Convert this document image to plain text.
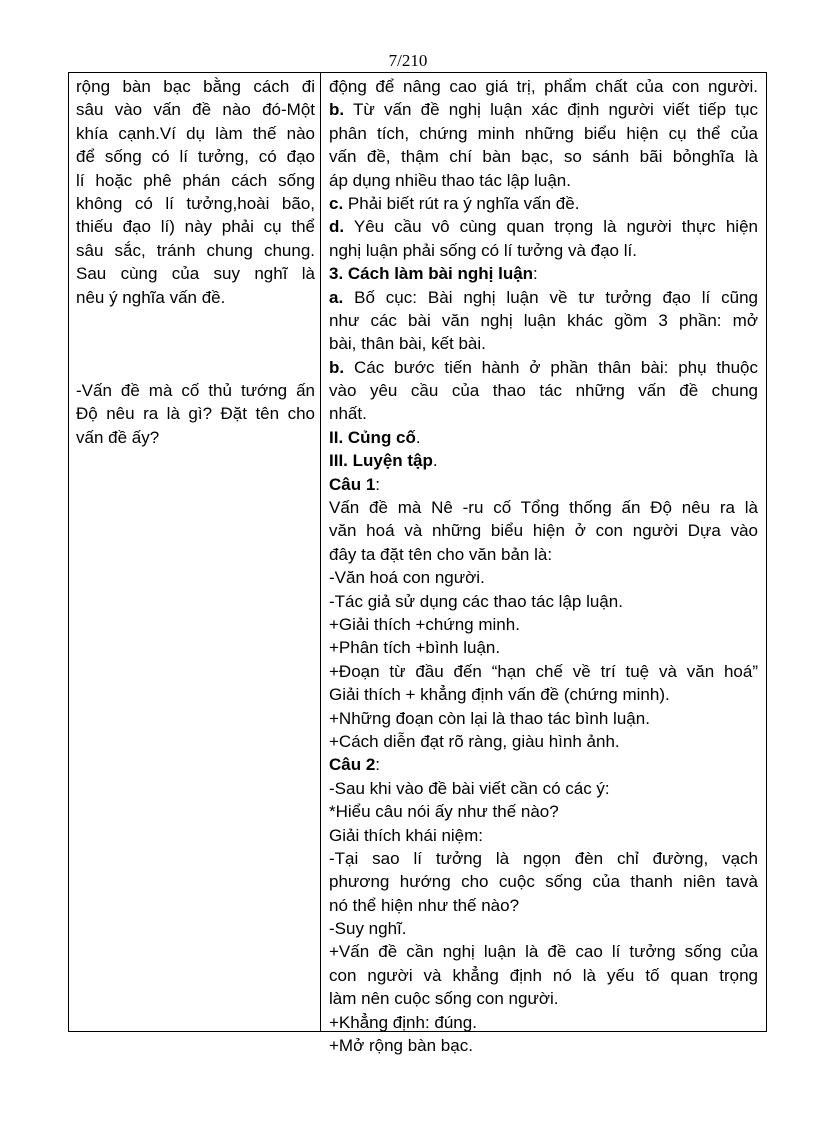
7/210
rộng bàn bạc bằng cách đi
sâu vào vấn đề nào đó-Một
khía cạnh.Ví dụ làm thế nào
để sống có lí tưởng, có đạo
lí hoặc phê phán cách sống
không có lí tưởng,hoài bão,
thiếu đạo lí) này phải cụ thể
sâu sắc, tránh chung chung.
Sau cùng của suy nghĩ là
nêu ý nghĩa vấn đề.
-Vấn đề mà cố thủ tướng ấn
Độ nêu ra là gì? Đặt tên cho
vấn đề ấy?
động để nâng cao giá trị, phẩm chất của con người.
b. Từ vấn đề nghị luận xác định người viết tiếp tục
phân tích, chứng minh những biểu hiện cụ thể của
vấn đề, thậm chí bàn bạc, so sánh bãi bỏnghĩa là
áp dụng nhiều thao tác lập luận.
c. Phải biết rút ra ý nghĩa vấn đề.
d. Yêu cầu vô cùng quan trọng là người thực hiện
nghị luận phải sống có lí tưởng và đạo lí.
3. Cách làm bài nghị luận:
a. Bố cục: Bài nghị luận về tư tưởng đạo lí cũng
như các bài văn nghị luận khác gồm 3 phần: mở
bài, thân bài, kết bài.
b. Các bước tiến hành ở phần thân bài: phụ thuộc
vào yêu cầu của thao tác những vấn đề chung
nhất.
II. Củng cố.
III. Luyện tập.
Câu 1:
Vấn đề mà Nê -ru cố Tổng thống ấn Độ nêu ra là
văn hoá và những biểu hiện ở con người Dựa vào
đây ta đặt tên cho văn bản là:
-Văn hoá con người.
-Tác giả sử dụng các thao tác lập luận.
+Giải thích +chứng minh.
+Phân tích +bình luận.
+Đoạn từ đầu đến “hạn chế về trí tuệ và văn hoá”
Giải thích + khẳng định vấn đề (chứng minh).
+Những đoạn còn lại là thao tác bình luận.
+Cách diễn đạt rõ ràng, giàu hình ảnh.
Câu 2:
-Sau khi vào đề bài viết cần có các ý:
*Hiểu câu nói ấy như thế nào?
Giải thích khái niệm:
-Tại sao lí tưởng là ngọn đèn chỉ đường, vạch
phương hướng cho cuộc sống của thanh niên tavà
nó thể hiện như thế nào?
-Suy nghĩ.
+Vấn đề cần nghị luận là đề cao lí tưởng sống của
con người và khẳng định nó là yếu tố quan trọng
làm nên cuộc sống con người.
+Khẳng định: đúng.
+Mở rộng bàn bạc.
